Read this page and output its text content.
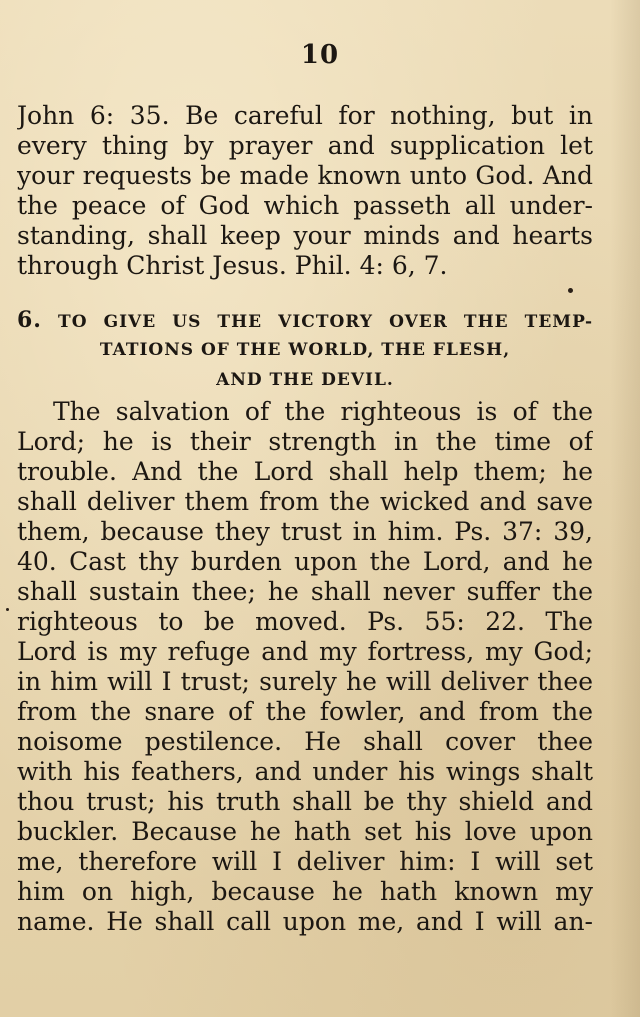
10
John 6: 35. Be careful for nothing, but in
every thing by prayer and supplication let
your requests be made known unto God. And
the peace of God which passeth all under-
standing, shall keep your minds and hearts
through Christ Jesus. Phil. 4: 6, 7.
6. TO GIVE US THE VICTORY OVER THE TEMP-
TATIONS OF THE WORLD, THE FLESH,
AND THE DEVIL.
The salvation of the righteous is of the
Lord; he is their strength in the time of
trouble. And the Lord shall help them; he
shall deliver them from the wicked and save
them, because they trust in him. Ps. 37: 39,
40. Cast thy burden upon the Lord, and he
shall sustain thee; he shall never suffer the
righteous to be moved. Ps. 55: 22. The
Lord is my refuge and my fortress, my God;
in him will I trust; surely he will deliver thee
from the snare of the fowler, and from the
noisome pestilence. He shall cover thee
with his feathers, and under his wings shalt
thou trust; his truth shall be thy shield and
buckler. Because he hath set his love upon
me, therefore will I deliver him: I will set
him on high, because he hath known my
name. He shall call upon me, and I will an-
